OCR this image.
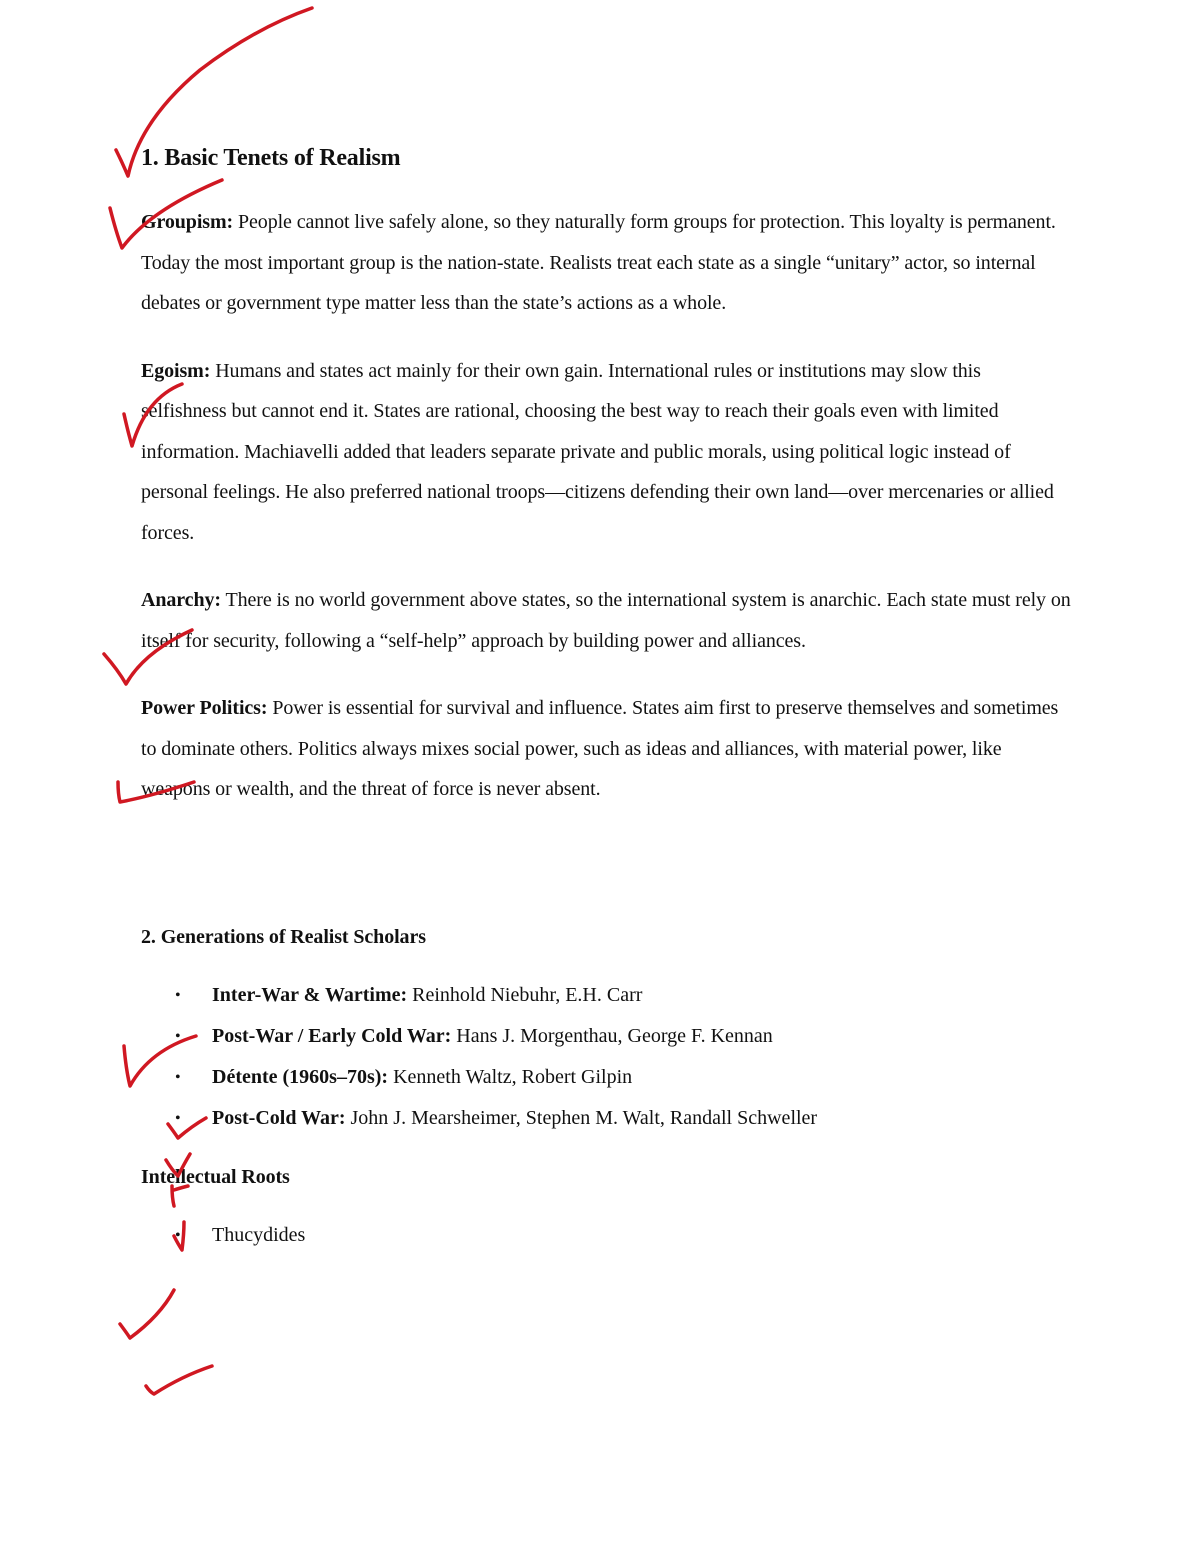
1. Basic Tenets of Realism

Groupism: People cannot live safely alone, so they naturally form groups for protection. This loyalty is permanent. Today the most important group is the nation-state. Realists treat each state as a single “unitary” actor, so internal debates or government type matter less than the state’s actions as a whole.

Egoism: Humans and states act mainly for their own gain. International rules or institutions may slow this selfishness but cannot end it. States are rational, choosing the best way to reach their goals even with limited information. Machiavelli added that leaders separate private and public morals, using political logic instead of personal feelings. He also preferred national troops—citizens defending their own land—over mercenaries or allied forces.

Anarchy: There is no world government above states, so the international system is anarchic. Each state must rely on itself for security, following a “self-help” approach by building power and alliances.

Power Politics: Power is essential for survival and influence. States aim first to preserve themselves and sometimes to dominate others. Politics always mixes social power, such as ideas and alliances, with material power, like weapons or wealth, and the threat of force is never absent.

2. Generations of Realist Scholars
• Inter-War & Wartime: Reinhold Niebuhr, E.H. Carr
• Post-War / Early Cold War: Hans J. Morgenthau, George F. Kennan
• Détente (1960s–70s): Kenneth Waltz, Robert Gilpin
• Post-Cold War: John J. Mearsheimer, Stephen M. Walt, Randall Schweller
Intellectual Roots
• Thucydides
